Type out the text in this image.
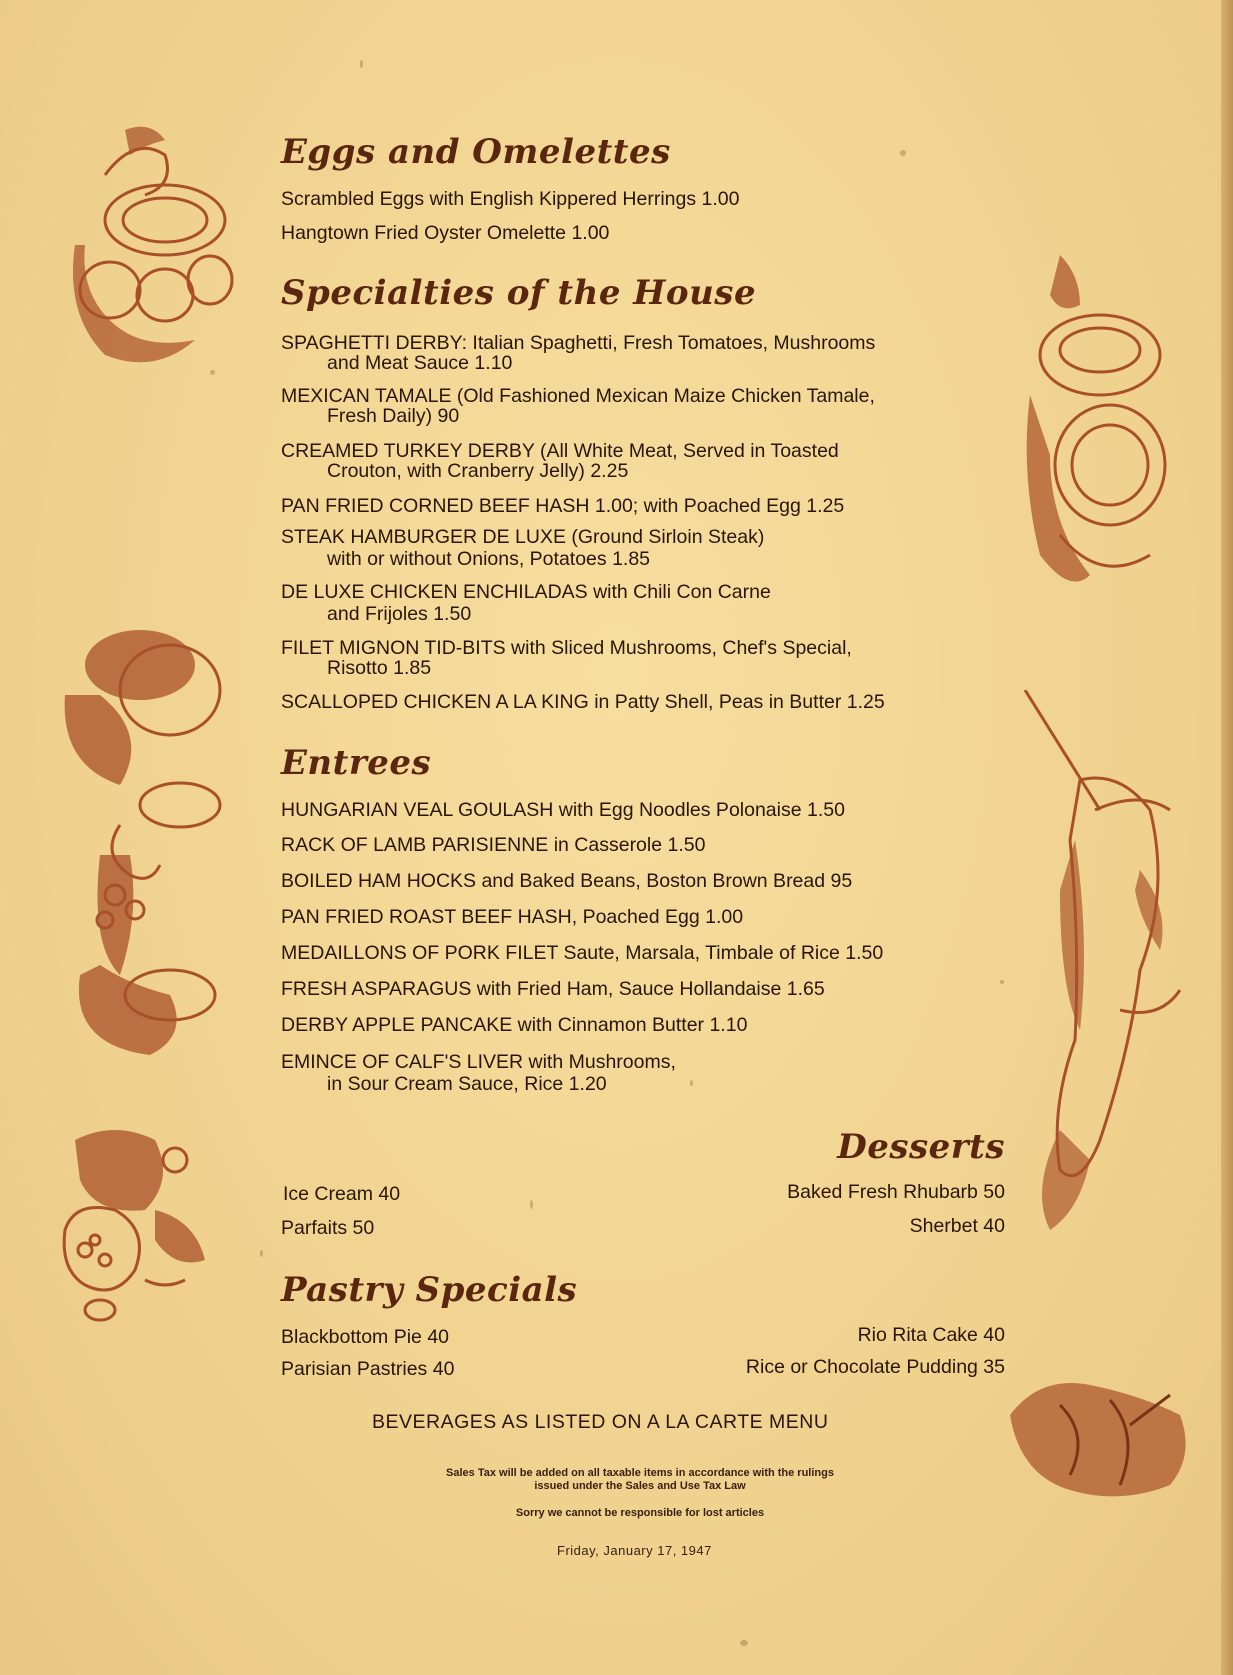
Eggs and Omelettes
Scrambled Eggs with English Kippered Herrings 1.00
Hangtown Fried Oyster Omelette 1.00
Specialties of the House
SPAGHETTI DERBY: Italian Spaghetti, Fresh Tomatoes, Mushrooms
and Meat Sauce 1.10
MEXICAN TAMALE (Old Fashioned Mexican Maize Chicken Tamale,
Fresh Daily) 90
CREAMED TURKEY DERBY (All White Meat, Served in Toasted
Crouton, with Cranberry Jelly) 2.25
PAN FRIED CORNED BEEF HASH 1.00; with Poached Egg 1.25
STEAK HAMBURGER DE LUXE (Ground Sirloin Steak)
with or without Onions, Potatoes 1.85
DE LUXE CHICKEN ENCHILADAS with Chili Con Carne
and Frijoles 1.50
FILET MIGNON TID-BITS with Sliced Mushrooms, Chef's Special,
Risotto 1.85
SCALLOPED CHICKEN A LA KING in Patty Shell, Peas in Butter 1.25
Entrees
HUNGARIAN VEAL GOULASH with Egg Noodles Polonaise 1.50
RACK OF LAMB PARISIENNE in Casserole 1.50
BOILED HAM HOCKS and Baked Beans, Boston Brown Bread 95
PAN FRIED ROAST BEEF HASH, Poached Egg 1.00
MEDAILLONS OF PORK FILET Saute, Marsala, Timbale of Rice 1.50
FRESH ASPARAGUS with Fried Ham, Sauce Hollandaise 1.65
DERBY APPLE PANCAKE with Cinnamon Butter 1.10
EMINCE OF CALF'S LIVER with Mushrooms,
in Sour Cream Sauce, Rice 1.20
Desserts
Ice Cream 40
Parfaits 50
Baked Fresh Rhubarb 50
Sherbet 40
Pastry Specials
Blackbottom Pie 40
Parisian Pastries 40
Rio Rita Cake 40
Rice or Chocolate Pudding 35
BEVERAGES AS LISTED ON A LA CARTE MENU
Sales Tax will be added on all taxable items in accordance with the rulings
issued under the Sales and Use Tax Law
Sorry we cannot be responsible for lost articles
Friday, January 17, 1947
